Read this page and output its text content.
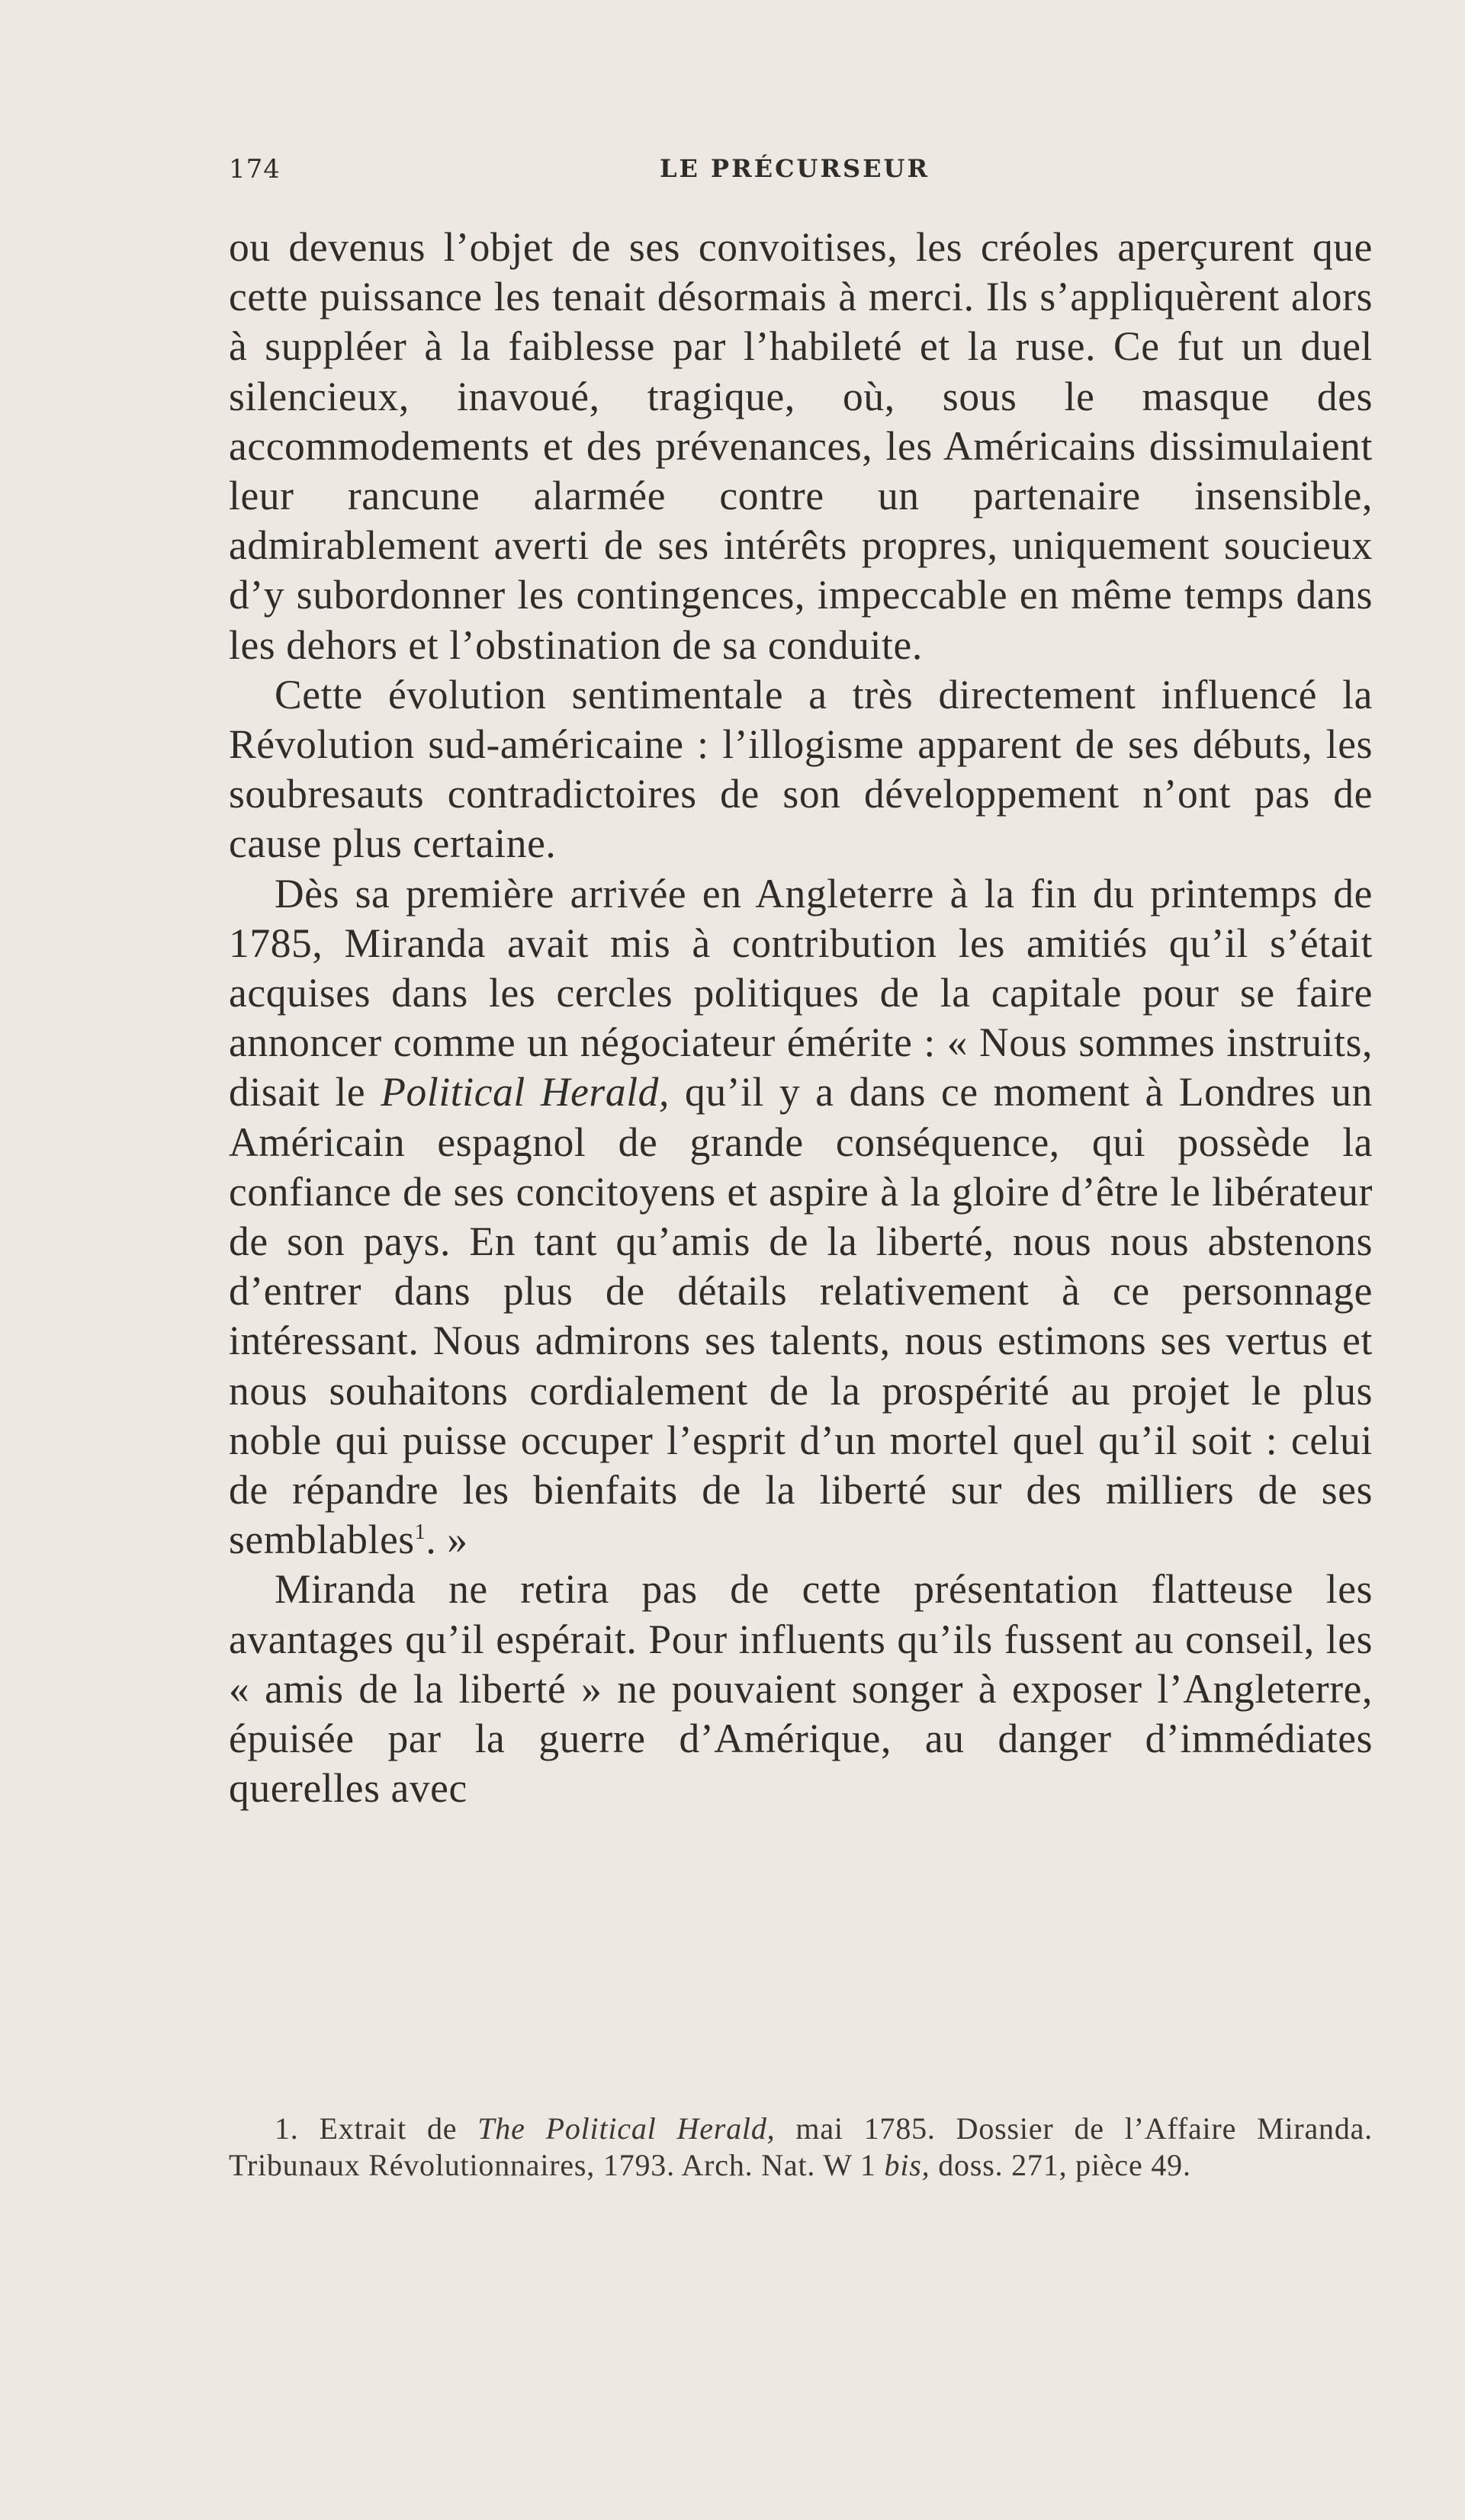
174	LE PRÉCURSEUR

ou devenus l’objet de ses convoitises, les créoles aperçurent que cette puissance les tenait désormais à merci. Ils s’appliquèrent alors à suppléer à la faiblesse par l’habileté et la ruse. Ce fut un duel silencieux, inavoué, tragique, où, sous le masque des accommodements et des prévenances, les Américains dissimulaient leur rancune alarmée contre un partenaire insensible, admirablement averti de ses intérêts propres, uniquement soucieux d’y subordonner les contingences, impeccable en même temps dans les dehors et l’obstination de sa conduite.

Cette évolution sentimentale a très directement influencé la Révolution sud-américaine : l’illogisme apparent de ses débuts, les soubresauts contradictoires de son développement n’ont pas de cause plus certaine.

Dès sa première arrivée en Angleterre à la fin du printemps de 1785, Miranda avait mis à contribution les amitiés qu’il s’était acquises dans les cercles politiques de la capitale pour se faire annoncer comme un négociateur émérite : « Nous sommes instruits, disait le Political Herald, qu’il y a dans ce moment à Londres un Américain espagnol de grande conséquence, qui possède la confiance de ses concitoyens et aspire à la gloire d’être le libérateur de son pays. En tant qu’amis de la liberté, nous nous abstenons d’entrer dans plus de détails relativement à ce personnage intéressant. Nous admirons ses talents, nous estimons ses vertus et nous souhaitons cordialement de la prospérité au projet le plus noble qui puisse occuper l’esprit d’un mortel quel qu’il soit : celui de répandre les bienfaits de la liberté sur des milliers de ses semblables$^1$. »

Miranda ne retira pas de cette présentation flatteuse les avantages qu’il espérait. Pour influents qu’ils fussent au conseil, les « amis de la liberté » ne pouvaient songer à exposer l’Angleterre, épuisée par la guerre d’Amérique, au danger d’immédiates querelles avec

1. Extrait de The Political Herald, mai 1785. Dossier de l’Affaire Miranda. Tribunaux Révolutionnaires, 1793. Arch. Nat. W 1 bis, doss. 271, pièce 49.
